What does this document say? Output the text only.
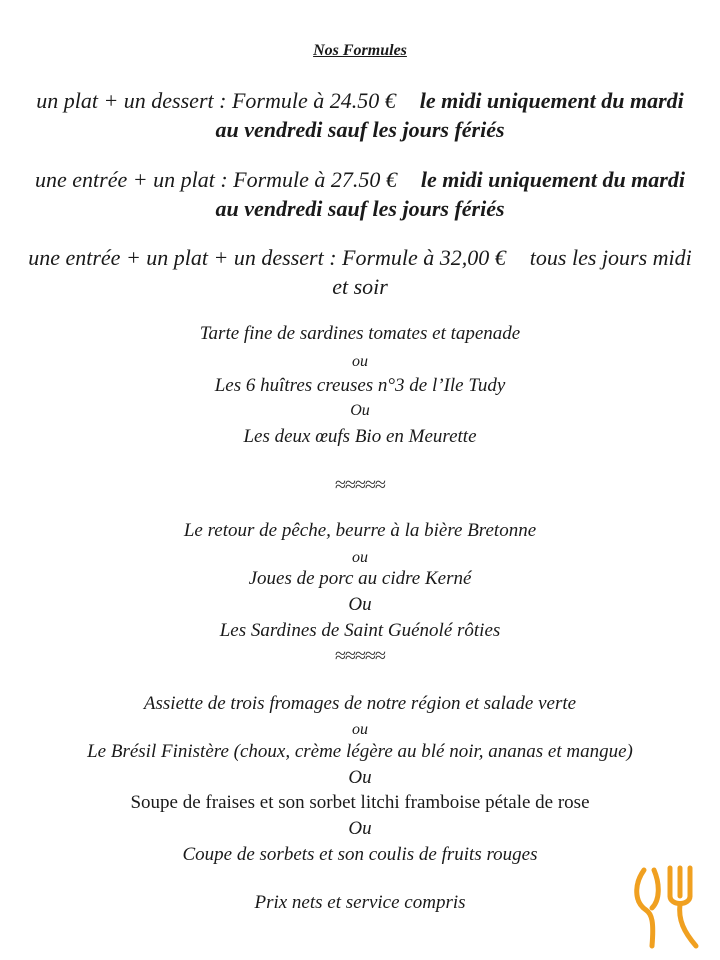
Nos Formules
un plat + un dessert : Formule à 24.50 € le midi uniquement du mardi
au vendredi sauf les jours fériés
une entrée + un plat : Formule à 27.50 € le midi uniquement du mardi
au vendredi sauf les jours fériés
une entrée + un plat + un dessert : Formule à 32,00 € tous les jours midi
et soir
Tarte fine de sardines tomates et tapenade
ou
Les 6 huîtres creuses n°3 de l’Ile Tudy
Ou
Les deux œufs Bio en Meurette
≈≈≈≈≈
Le retour de pêche, beurre à la bière Bretonne
ou
Joues de porc au cidre Kerné
Ou
Les Sardines de Saint Guénolé rôties
≈≈≈≈≈
Assiette de trois fromages de notre région et salade verte
ou
Le Brésil Finistère (choux, crème légère au blé noir, ananas et mangue)
Ou
Soupe de fraises et son sorbet litchi framboise pétale de rose
Ou
Coupe de sorbets et son coulis de fruits rouges
Prix nets et service compris
